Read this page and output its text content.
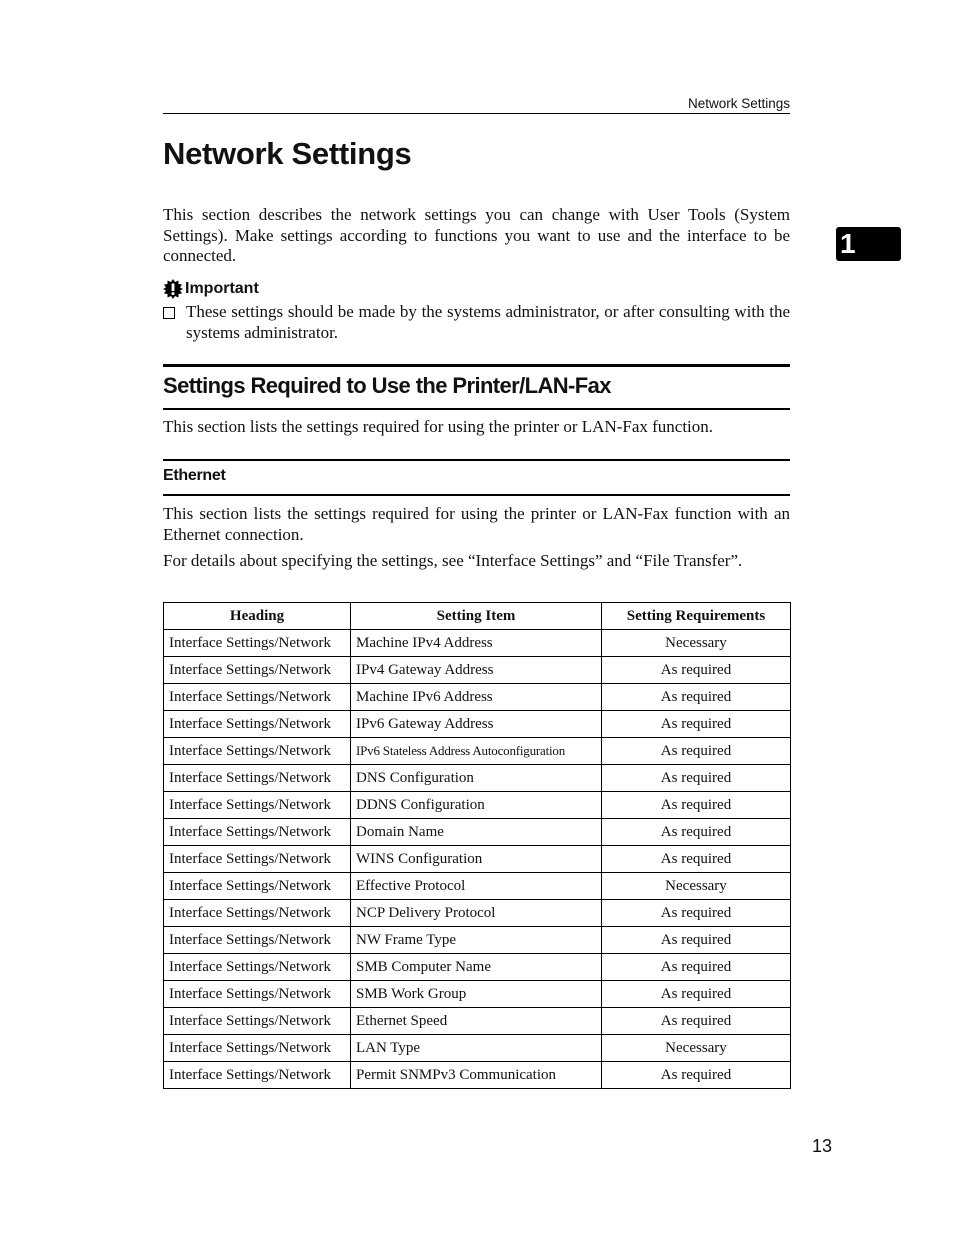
Network Settings
Network Settings
1

This section describes the network settings you can change with User Tools (System Settings). Make settings according to functions you want to use and the interface to be connected.

Important
These settings should be made by the systems administrator, or after consulting with the systems administrator.
Settings Required to Use the Printer/LAN-Fax

This section lists the settings required for using the printer or LAN-Fax function.

Ethernet

This section lists the settings required for using the printer or LAN-Fax function with an Ethernet connection.

For details about specifying the settings, see “Interface Settings” and “File Transfer”.

Heading	Setting Item	Setting Requirements
Interface Settings/Network	Machine IPv4 Address	Necessary
Interface Settings/Network	IPv4 Gateway Address	As required
Interface Settings/Network	Machine IPv6 Address	As required
Interface Settings/Network	IPv6 Gateway Address	As required
Interface Settings/Network	IPv6 Stateless Address Autoconfiguration	As required
Interface Settings/Network	DNS Configuration	As required
Interface Settings/Network	DDNS Configuration	As required
Interface Settings/Network	Domain Name	As required
Interface Settings/Network	WINS Configuration	As required
Interface Settings/Network	Effective Protocol	Necessary
Interface Settings/Network	NCP Delivery Protocol	As required
Interface Settings/Network	NW Frame Type	As required
Interface Settings/Network	SMB Computer Name	As required
Interface Settings/Network	SMB Work Group	As required
Interface Settings/Network	Ethernet Speed	As required
Interface Settings/Network	LAN Type	Necessary
Interface Settings/Network	Permit SNMPv3 Communication	As required
13
